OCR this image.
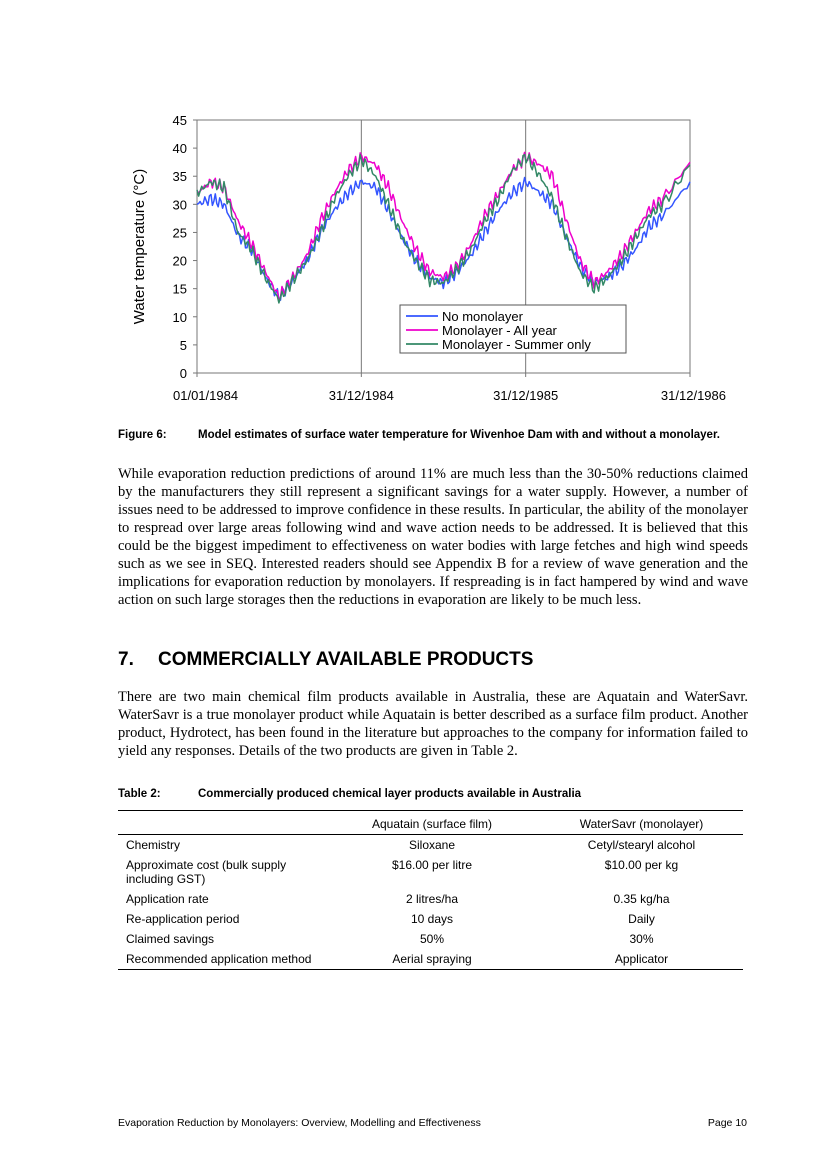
0
5
10
15
20
25
30
35
40
45
01/01/1984	31/12/1984	31/12/1985	31/12/1986
Water temperature (°C)	No monolayer
Monolayer - All year
Monolayer - Summer only
Figure 6:	Model estimates of surface water temperature for Wivenhoe Dam with and without a monolayer.
While evaporation reduction predictions of around 11% are much less than the 30-50% reductions claimed by the manufacturers they still represent a significant savings for a water supply. However, a number of issues need to be addressed to improve confidence in these results. In particular, the ability of the monolayer to respread over large areas following wind and wave action needs to be addressed. It is believed that this could be the biggest impediment to effectiveness on water bodies with large fetches and high wind speeds such as we see in SEQ. Interested readers should see Appendix B for a review of wave generation and the implications for evaporation reduction by monolayers. If respreading is in fact hampered by wind and wave action on such large storages then the reductions in evaporation are likely to be much less.
7. COMMERCIALLY AVAILABLE PRODUCTS
There are two main chemical film products available in Australia, these are Aquatain and WaterSavr. WaterSavr is a true monolayer product while Aquatain is better described as a surface film product. Another product, Hydrotect, has been found in the literature but approaches to the company for information failed to yield any responses. Details of the two products are given in Table 2.
Table 2:	Commercially produced chemical layer products available in Australia
	Aquatain (surface film)	WaterSavr (monolayer)
Chemistry	Siloxane	Cetyl/stearyl alcohol
Approximate cost (bulk supply including GST)	$16.00 per litre	$10.00 per kg
Application rate	2 litres/ha	0.35 kg/ha
Re-application period	10 days	Daily
Claimed savings	50%	30%
Recommended application method	Aerial spraying	Applicator
Evaporation Reduction by Monolayers: Overview, Modelling and Effectiveness	Page 10
